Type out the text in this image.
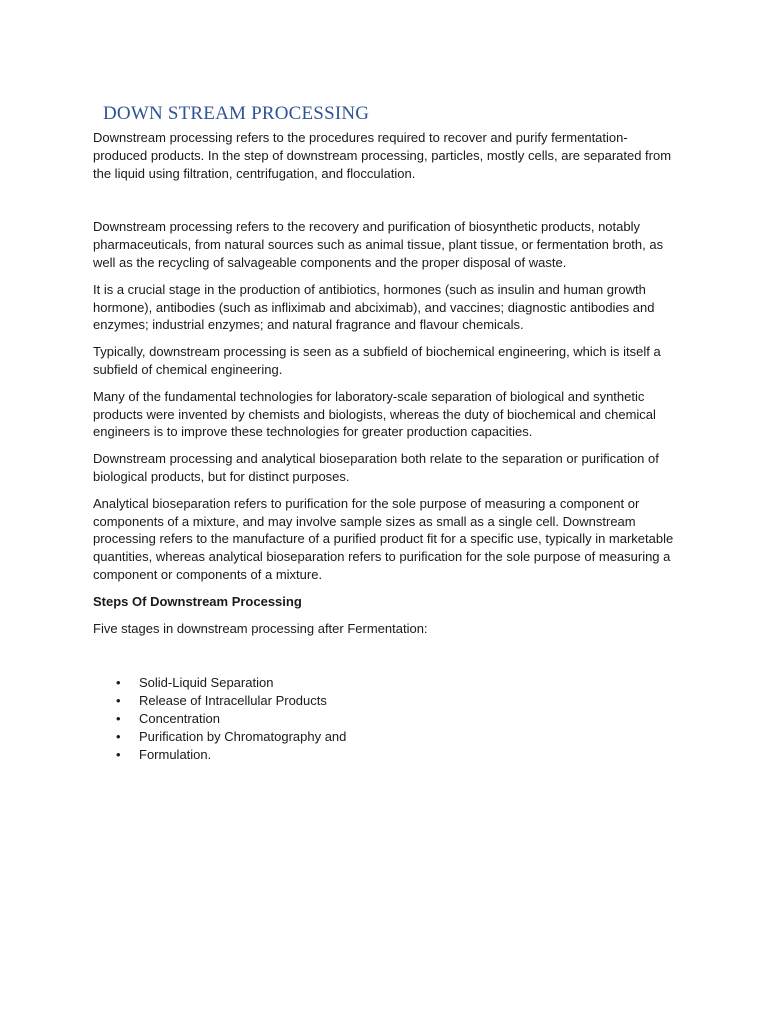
DOWN STREAM PROCESSING

Downstream processing refers to the procedures required to recover and purify fermentation-produced products. In the step of downstream processing, particles, mostly cells, are separated from the liquid using filtration, centrifugation, and flocculation.

Downstream processing refers to the recovery and purification of biosynthetic products, notably pharmaceuticals, from natural sources such as animal tissue, plant tissue, or fermentation broth, as well as the recycling of salvageable components and the proper disposal of waste.

It is a crucial stage in the production of antibiotics, hormones (such as insulin and human growth hormone), antibodies (such as infliximab and abciximab), and vaccines; diagnostic antibodies and enzymes; industrial enzymes; and natural fragrance and flavour chemicals.

Typically, downstream processing is seen as a subfield of biochemical engineering, which is itself a subfield of chemical engineering.

Many of the fundamental technologies for laboratory-scale separation of biological and synthetic products were invented by chemists and biologists, whereas the duty of biochemical and chemical engineers is to improve these technologies for greater production capacities.

Downstream processing and analytical bioseparation both relate to the separation or purification of biological products, but for distinct purposes.

Analytical bioseparation refers to purification for the sole purpose of measuring a component or components of a mixture, and may involve sample sizes as small as a single cell. Downstream processing refers to the manufacture of a purified product fit for a specific use, typically in marketable quantities, whereas analytical bioseparation refers to purification for the sole purpose of measuring a component or components of a mixture.

Steps Of Downstream Processing

Five stages in downstream processing after Fermentation:

• Solid-Liquid Separation
• Release of Intracellular Products
• Concentration
• Purification by Chromatography and
• Formulation.
